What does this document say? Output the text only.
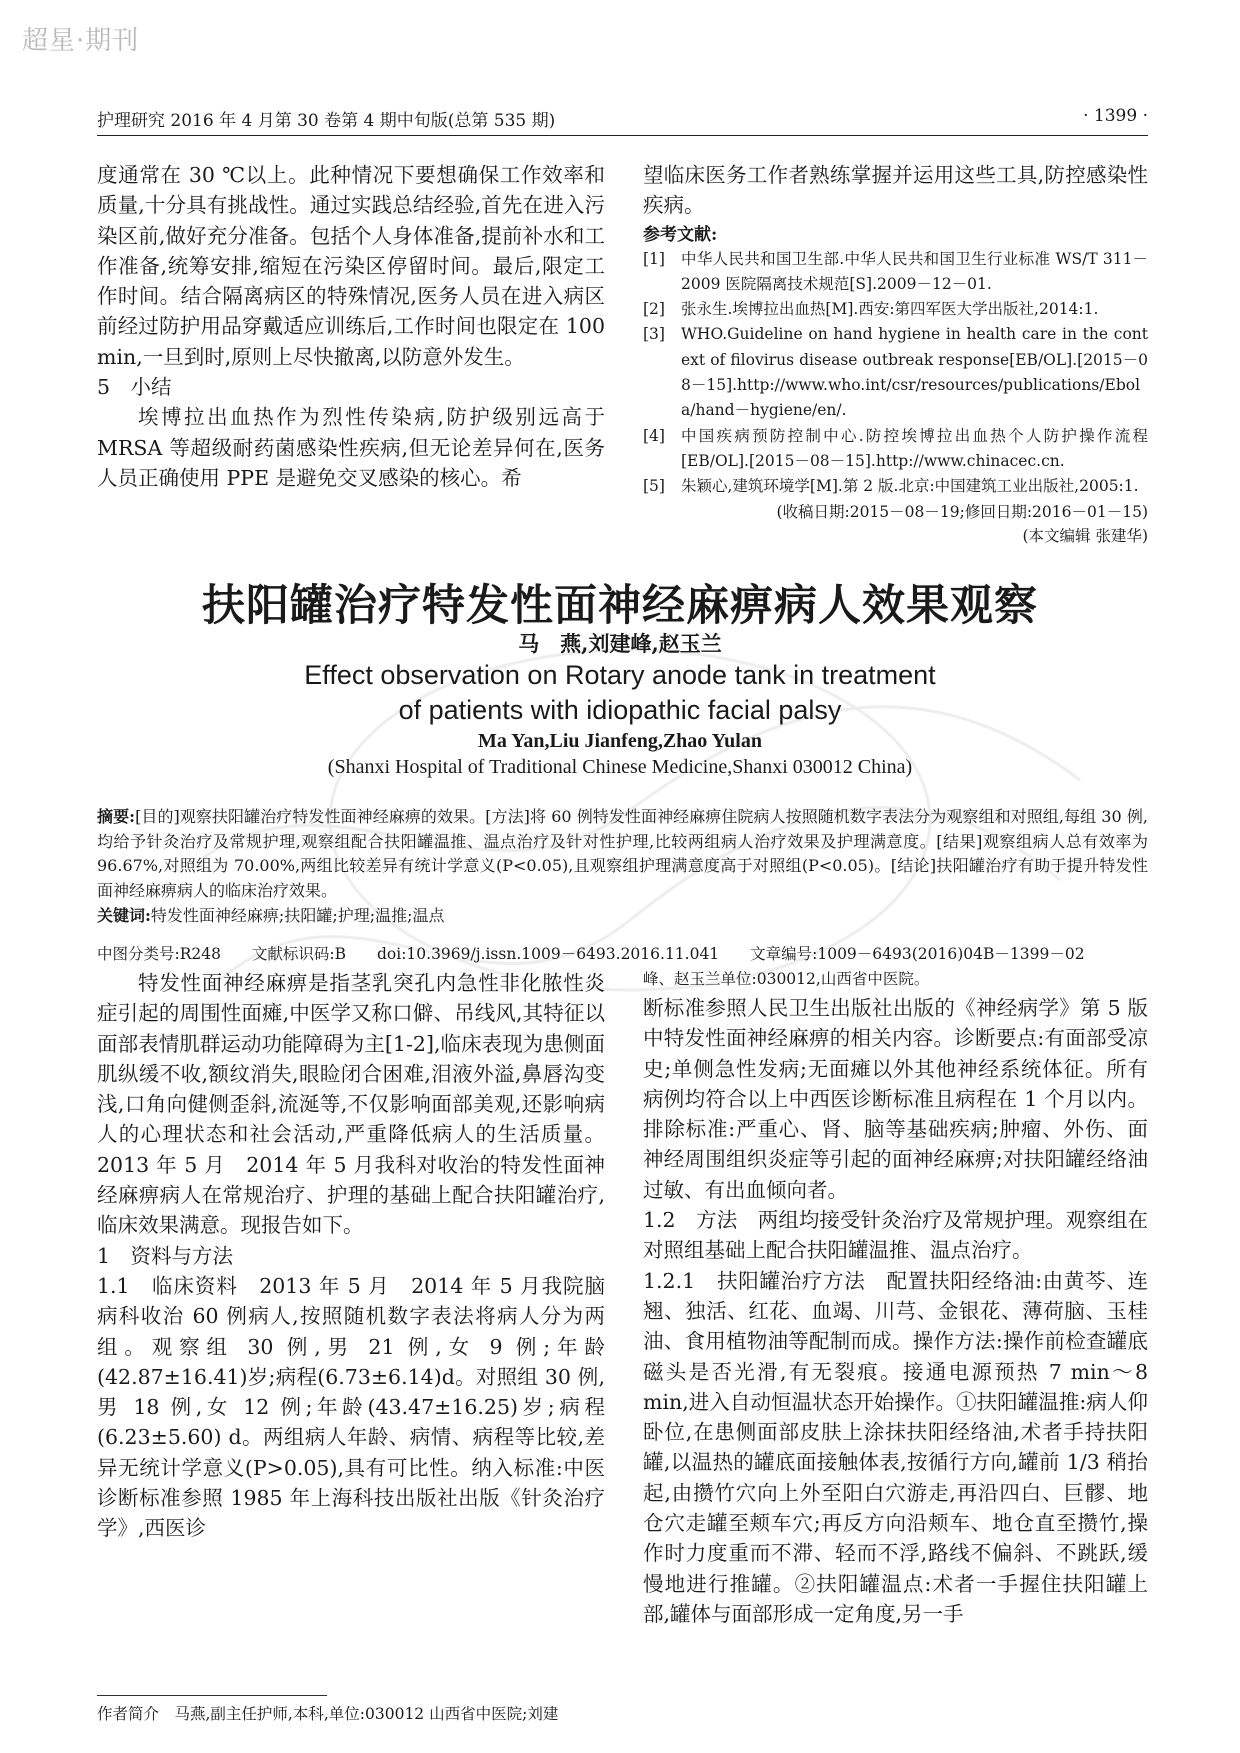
超星·期刊
护理研究 2016 年 4 月第 30 卷第 4 期中旬版(总第 535 期)	· 1399 ·

度通常在 30 ℃以上。此种情况下要想确保工作效率和质量,十分具有挑战性。通过实践总结经验,首先在进入污染区前,做好充分准备。包括个人身体准备,提前补水和工作准备,统筹安排,缩短在污染区停留时间。最后,限定工作时间。结合隔离病区的特殊情况,医务人员在进入病区前经过防护用品穿戴适应训练后,工作时间也限定在 100 min,一旦到时,原则上尽快撤离,以防意外发生。

5　小结

埃博拉出血热作为烈性传染病,防护级别远高于 MRSA 等超级耐药菌感染性疾病,但无论差异何在,医务人员正确使用 PPE 是避免交叉感染的核心。希

望临床医务工作者熟练掌握并运用这些工具,防控感染性疾病。

参考文献:
[1]	中华人民共和国卫生部.中华人民共和国卫生行业标准 WS/T 311－2009 医院隔离技术规范[S].2009－12－01.
[2]	张永生.埃博拉出血热[M].西安:第四军医大学出版社,2014:1.
[3]	WHO.Guideline on hand hygiene in health care in the context of filovirus disease outbreak response[EB/OL].[2015－08－15].http://www.who.int/csr/resources/publications/Ebola/hand－hygiene/en/.
[4]	中国疾病预防控制中心.防控埃博拉出血热个人防护操作流程[EB/OL].[2015－08－15].http://www.chinacec.cn.
[5]	朱颖心,建筑环境学[M].第 2 版.北京:中国建筑工业出版社,2005:1.
(收稿日期:2015－08－19;修回日期:2016－01－15)
(本文编辑 张建华)
扶阳罐治疗特发性面神经麻痹病人效果观察
马　燕,刘建峰,赵玉兰
Effect observation on Rotary anode tank in treatment
of patients with idiopathic facial palsy
Ma Yan,Liu Jianfeng,Zhao Yulan
(Shanxi Hospital of Traditional Chinese Medicine,Shanxi 030012 China)
摘要:[目的]观察扶阳罐治疗特发性面神经麻痹的效果。[方法]将 60 例特发性面神经麻痹住院病人按照随机数字表法分为观察组和对照组,每组 30 例,均给予针灸治疗及常规护理,观察组配合扶阳罐温推、温点治疗及针对性护理,比较两组病人治疗效果及护理满意度。[结果]观察组病人总有效率为 96.67%,对照组为 70.00%,两组比较差异有统计学意义(P<0.05),且观察组护理满意度高于对照组(P<0.05)。[结论]扶阳罐治疗有助于提升特发性面神经麻痹病人的临床治疗效果。
关键词:特发性面神经麻痹;扶阳罐;护理;温推;温点
中图分类号:R248 文献标识码:B doi:10.3969/j.issn.1009－6493.2016.11.041 文章编号:1009－6493(2016)04B－1399－02

特发性面神经麻痹是指茎乳突孔内急性非化脓性炎症引起的周围性面瘫,中医学又称口僻、吊线风,其特征以面部表情肌群运动功能障碍为主[1-2],临床表现为患侧面肌纵缓不收,额纹消失,眼睑闭合困难,泪液外溢,鼻唇沟变浅,口角向健侧歪斜,流涎等,不仅影响面部美观,还影响病人的心理状态和社会活动,严重降低病人的生活质量。2013 年 5 月　2014 年 5 月我科对收治的特发性面神经麻痹病人在常规治疗、护理的基础上配合扶阳罐治疗,临床效果满意。现报告如下。

1　资料与方法

1.1　临床资料　2013 年 5 月　2014 年 5 月我院脑病科收治 60 例病人,按照随机数字表法将病人分为两组。观察组 30 例,男 21 例,女 9 例;年龄(42.87±16.41)岁;病程(6.73±6.14)d。对照组 30 例,男 18 例,女 12 例;年龄(43.47±16.25)岁;病程(6.23±5.60) d。两组病人年龄、病情、病程等比较,差异无统计学意义(P>0.05),具有可比性。纳入标准:中医诊断标准参照 1985 年上海科技出版社出版《针灸治疗学》,西医诊

峰、赵玉兰单位:030012,山西省中医院。

断标准参照人民卫生出版社出版的《神经病学》第 5 版中特发性面神经麻痹的相关内容。诊断要点:有面部受凉史;单侧急性发病;无面瘫以外其他神经系统体征。所有病例均符合以上中西医诊断标准且病程在 1 个月以内。排除标准:严重心、肾、脑等基础疾病;肿瘤、外伤、面神经周围组织炎症等引起的面神经麻痹;对扶阳罐经络油过敏、有出血倾向者。

1.2　方法　两组均接受针灸治疗及常规护理。观察组在对照组基础上配合扶阳罐温推、温点治疗。

1.2.1　扶阳罐治疗方法　配置扶阳经络油:由黄芩、连翘、独活、红花、血竭、川芎、金银花、薄荷脑、玉桂油、食用植物油等配制而成。操作方法:操作前检查罐底磁头是否光滑,有无裂痕。接通电源预热 7 min～8 min,进入自动恒温状态开始操作。①扶阳罐温推:病人仰卧位,在患侧面部皮肤上涂抹扶阳经络油,术者手持扶阳罐,以温热的罐底面接触体表,按循行方向,罐前 1/3 稍抬起,由攒竹穴向上外至阳白穴游走,再沿四白、巨髎、地仓穴走罐至颊车穴;再反方向沿颊车、地仓直至攒竹,操作时力度重而不滞、轻而不浮,路线不偏斜、不跳跃,缓慢地进行推罐。②扶阳罐温点:术者一手握住扶阳罐上部,罐体与面部形成一定角度,另一手

作者简介　马燕,副主任护师,本科,单位:030012 山西省中医院;刘建
